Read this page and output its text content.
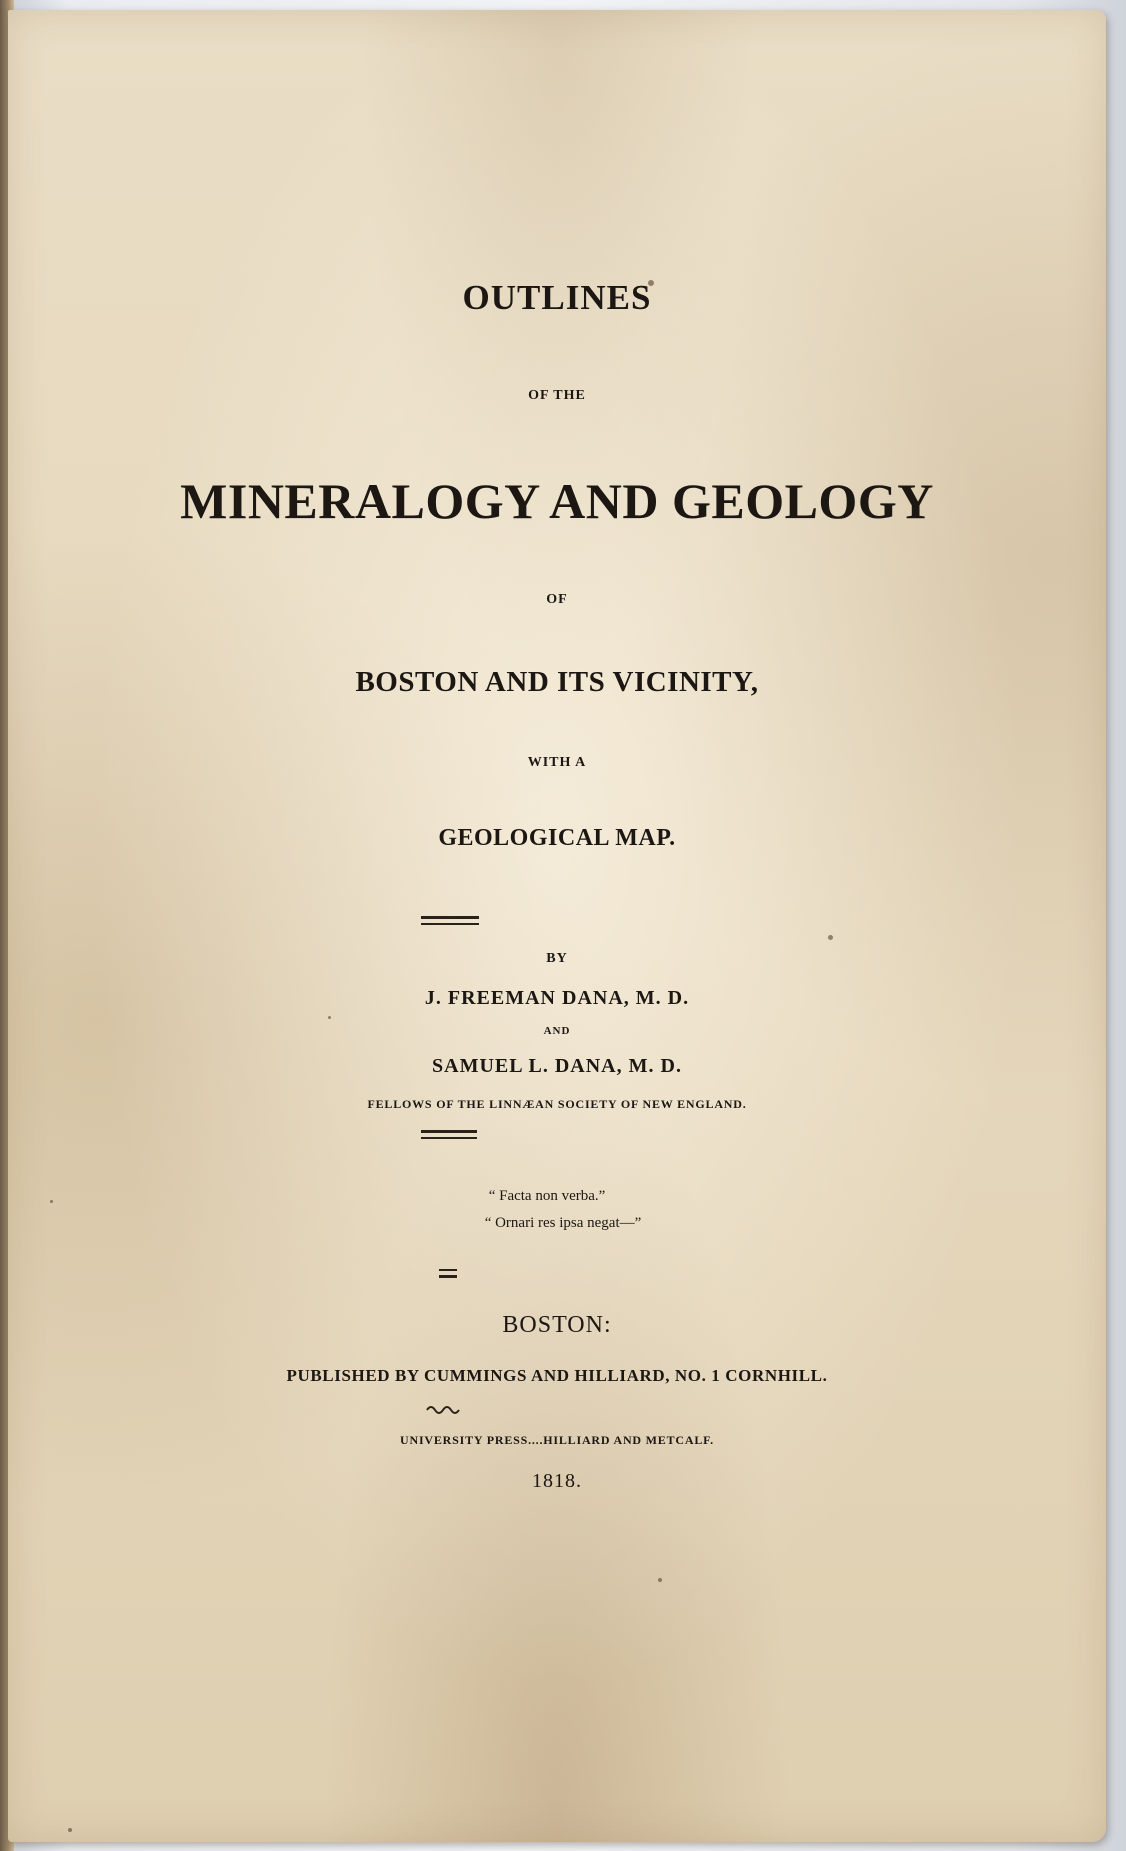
OUTLINES

OF THE

MINERALOGY AND GEOLOGY

OF

BOSTON AND ITS VICINITY,

WITH A

GEOLOGICAL MAP.

BY

J. FREEMAN DANA, M. D.

AND

SAMUEL L. DANA, M. D.

FELLOWS OF THE LINNÆAN SOCIETY OF NEW ENGLAND.

“ Facta non verba.”

“ Ornari res ipsa negat—”

BOSTON:

PUBLISHED BY CUMMINGS AND HILLIARD, NO. 1 CORNHILL.

UNIVERSITY PRESS....HILLIARD AND METCALF.

1818.
